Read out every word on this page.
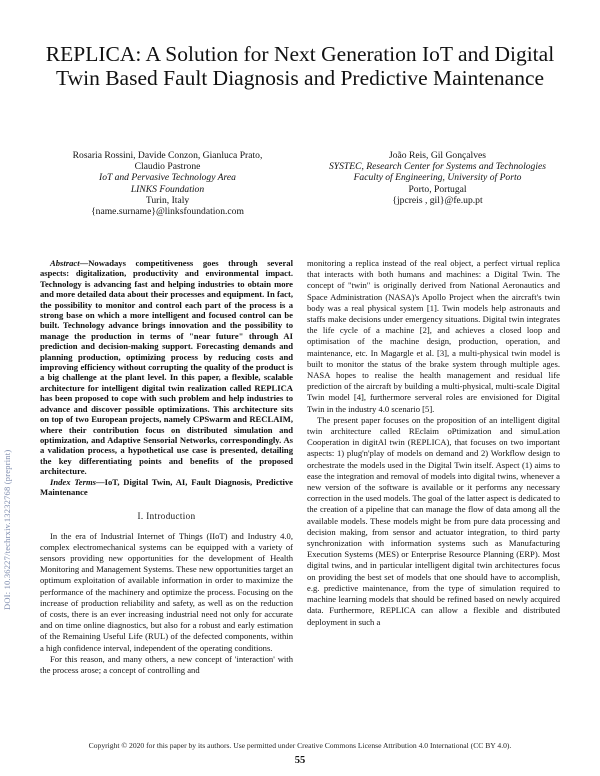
DOI: 10.36227/techrxiv.13232768 (preprint)
REPLICA: A Solution for Next Generation IoT and Digital Twin Based Fault Diagnosis and Predictive Maintenance
Rosaria Rossini, Davide Conzon, Gianluca Prato,
Claudio Pastrone
IoT and Pervasive Technology Area
LINKS Foundation
Turin, Italy
{name.surname}@linksfoundation.com
João Reis, Gil Gonçalves
SYSTEC, Research Center for Systems and Technologies
Faculty of Engineering, University of Porto
Porto, Portugal
{jpcreis , gil}@fe.up.pt

Abstract—Nowadays competitiveness goes through several aspects: digitalization, productivity and environmental impact. Technology is advancing fast and helping industries to obtain more and more detailed data about their processes and equipment. In fact, the possibility to monitor and control each part of the process is a strong base on which a more intelligent and focused control can be built. Technology advance brings innovation and the possibility to manage the production in terms of "near future" through AI prediction and decision-making support. Forecasting demands and planning production, optimizing process by reducing costs and improving efficiency without corrupting the quality of the product is a big challenge at the plant level. In this paper, a flexible, scalable architecture for intelligent digital twin realization called REPLICA has been proposed to cope with such problem and help industries to advance and discover possible optimizations. This architecture sits on top of two European projects, namely CPSwarm and RECLAIM, where their contribution focus on distributed simulation and optimization, and Adaptive Sensorial Networks, correspondingly. As a validation process, a hypothetical use case is presented, detailing the key differentiating points and benefits of the proposed architecture.

Index Terms—IoT, Digital Twin, AI, Fault Diagnosis, Predictive Maintenance

I. Introduction

In the era of Industrial Internet of Things (IIoT) and Industry 4.0, complex electromechanical systems can be equipped with a variety of sensors providing new opportunities for the development of Health Monitoring and Management Systems. These new opportunities target an optimum exploitation of available information in order to maximize the performance of the machinery and optimize the process. Focusing on the increase of production reliability and safety, as well as on the reduction of costs, there is an ever increasing industrial need not only for accurate and on time online diagnostics, but also for a robust and early estimation of the Remaining Useful Life (RUL) of the defected components, within a high confidence interval, independent of the operating conditions.

For this reason, and many others, a new concept of 'interaction' with the process arose; a concept of controlling and

monitoring a replica instead of the real object, a perfect virtual replica that interacts with both humans and machines: a Digital Twin. The concept of "twin" is originally derived from National Aeronautics and Space Administration (NASA)'s Apollo Project when the aircraft's twin body was a real physical system [1]. Twin models help astronauts and staffs make decisions under emergency situations. Digital twin integrates the life cycle of a machine [2], and achieves a closed loop and optimisation of the machine design, production, operation, and maintenance, etc. In Magargle et al. [3], a multi-physical twin model is built to monitor the status of the brake system through multiple ages. NASA hopes to realise the health management and residual life prediction of the aircraft by building a multi-physical, multi-scale Digital Twin model [4], furthermore serveral roles are envisioned for Digital Twin in the industry 4.0 scenario [5].

The present paper focuses on the proposition of an intelligent digital twin architecture called REclaim oPtimization and simuLation Cooperation in digitAl twin (REPLICA), that focuses on two important aspects: 1) plug'n'play of models on demand and 2) Workflow design to orchestrate the models used in the Digital Twin itself. Aspect (1) aims to ease the integration and removal of models into digital twins, whenever a new version of the software is available or it performs any necessary correction in the used models. The goal of the latter aspect is dedicated to the creation of a pipeline that can manage the flow of data among all the available models. These models might be from pure data processing and decision making, from sensor and actuator integration, to third party synchronization with information systems such as Manufacturing Execution Systems (MES) or Enterprise Resource Planning (ERP). Most digital twins, and in particular intelligent digital twin architectures focus on providing the best set of models that one should have to accomplish, e.g. predictive maintenance, from the type of simulation required to machine learning models that should be refined based on newly acquired data. Furthermore, REPLICA can allow a flexible and distributed deployment in such a

Copyright © 2020 for this paper by its authors. Use permitted under Creative Commons License Attribution 4.0 International (CC BY 4.0).
55
